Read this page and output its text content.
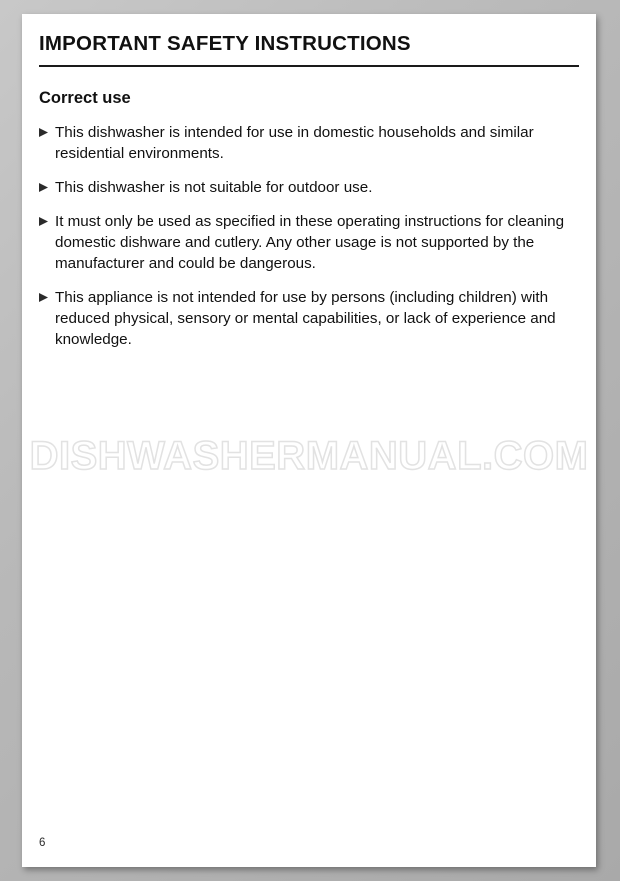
IMPORTANT SAFETY INSTRUCTIONS
Correct use
This dishwasher is intended for use in domestic households and similar residential environments.
This dishwasher is not suitable for outdoor use.
It must only be used as specified in these operating instructions for cleaning domestic dishware and cutlery. Any other usage is not supported by the manufacturer and could be dangerous.
This appliance is not intended for use by persons (including children) with reduced physical, sensory or mental capabilities, or lack of experience and knowledge.
DISHWASHERMANUAL.COM
6
